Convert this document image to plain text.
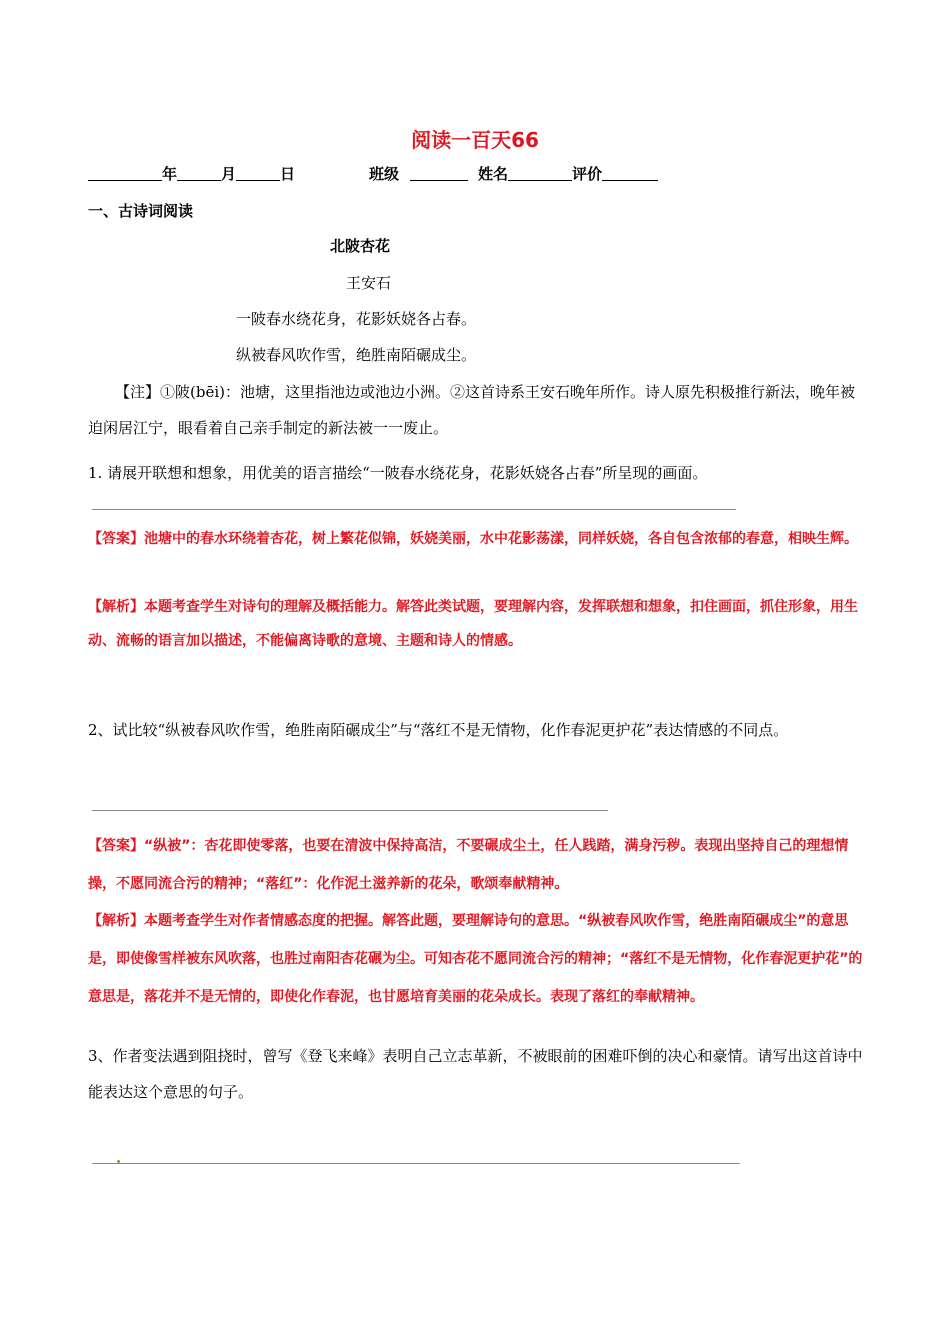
阅读一百天66
年	月	日	班级	姓名	评价
一、古诗词阅读
北陂杏花
王安石
一陂春水绕花身，花影妖娆各占春。
纵被春风吹作雪，绝胜南陌碾成尘。
【注】①陂(bēi)：池塘，这里指池边或池边小洲。②这首诗系王安石晚年所作。诗人原先积极推行新法，晚年被迫闲居江宁，眼看着自己亲手制定的新法被一一废止。
1. 请展开联想和想象，用优美的语言描绘“一陂春水绕花身，花影妖娆各占春”所呈现的画面。
【答案】池塘中的春水环绕着杏花，树上繁花似锦，妖娆美丽，水中花影荡漾，同样妖娆，各自包含浓郁的春意，相映生辉。
【解析】本题考查学生对诗句的理解及概括能力。解答此类试题，要理解内容，发挥联想和想象，扣住画面，抓住形象，用生动、流畅的语言加以描述，不能偏离诗歌的意境、主题和诗人的情感。
2、试比较“纵被春风吹作雪，绝胜南陌碾成尘”与“落红不是无情物，化作春泥更护花”表达情感的不同点。
【答案】“纵被”：杏花即使零落，也要在清波中保持高洁，不要碾成尘土，任人践踏，满身污秽。表现出坚持自己的理想情操，不愿同流合污的精神；“落红”：化作泥土滋养新的花朵，歌颂奉献精神。
【解析】本题考查学生对作者情感态度的把握。解答此题，要理解诗句的意思。“纵被春风吹作雪，绝胜南陌碾成尘”的意思是，即使像雪样被东风吹落，也胜过南阳杏花碾为尘。可知杏花不愿同流合污的精神；“落红不是无情物，化作春泥更护花”的意思是，落花并不是无情的，即使化作春泥，也甘愿培育美丽的花朵成长。表现了落红的奉献精神。
3、作者变法遇到阻挠时，曾写《登飞来峰》表明自己立志革新，不被眼前的困难吓倒的决心和豪情。请写出这首诗中能表达这个意思的句子。
